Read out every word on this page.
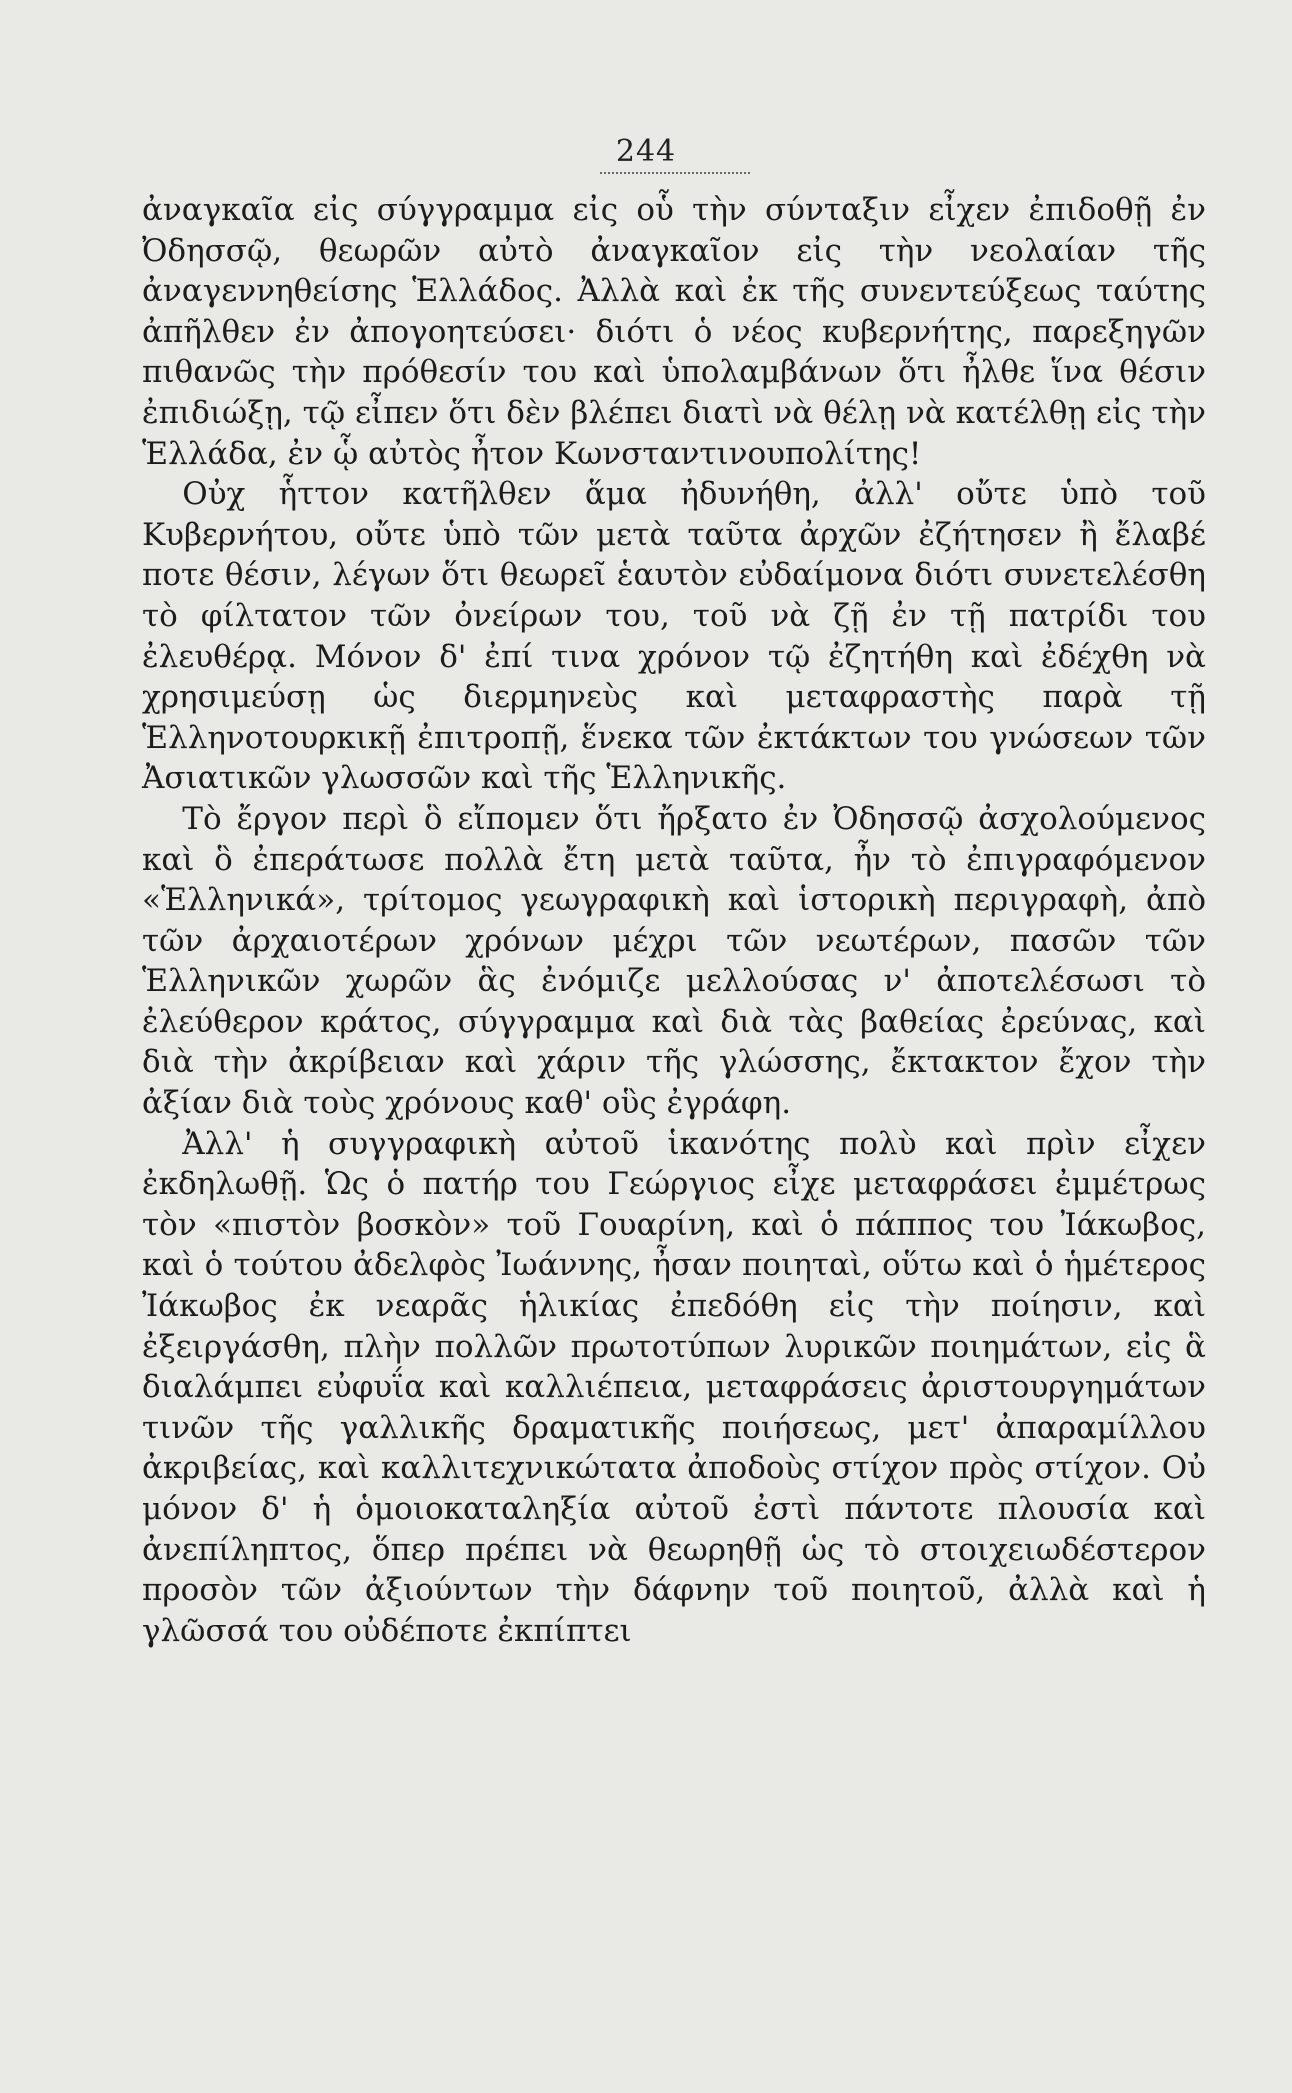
244

ἀναγκαῖα εἰς σύγγραμμα εἰς οὗ τὴν σύνταξιν εἶχεν ἐπιδοθῇ ἐν Ὀδησσῷ, θεωρῶν αὐτὸ ἀναγκαῖον εἰς τὴν νεολαίαν τῆς ἀναγεννηθείσης Ἑλλάδος. Ἀλλὰ καὶ ἐκ τῆς συνεντεύξεως ταύτης ἀπῆλθεν ἐν ἀπογοητεύσει· διότι ὁ νέος κυβερνήτης, παρεξηγῶν πιθανῶς τὴν πρόθεσίν του καὶ ὑπολαμβάνων ὅτι ἦλθε ἵνα θέσιν ἐπιδιώξῃ, τῷ εἶπεν ὅτι δὲν βλέπει διατὶ νὰ θέλῃ νὰ κατέλθῃ εἰς τὴν Ἑλλάδα, ἐν ᾧ αὐτὸς ἦτον Κωνσταντινουπολίτης!

Οὐχ ἧττον κατῆλθεν ἅμα ἠδυνήθη, ἀλλ' οὔτε ὑπὸ τοῦ Κυβερνήτου, οὔτε ὑπὸ τῶν μετὰ ταῦτα ἀρχῶν ἐζήτησεν ἢ ἔλαβέ ποτε θέσιν, λέγων ὅτι θεωρεῖ ἑαυτὸν εὐδαίμονα διότι συνετελέσθη τὸ φίλτατον τῶν ὀνείρων του, τοῦ νὰ ζῇ ἐν τῇ πατρίδι του ἐλευθέρᾳ. Μόνον δ' ἐπί τινα χρόνον τῷ ἐζητήθη καὶ ἐδέχθη νὰ χρησιμεύσῃ ὡς διερμηνεὺς καὶ μεταφραστὴς παρὰ τῇ Ἑλληνοτουρκικῇ ἐπιτροπῇ, ἕνεκα τῶν ἐκτάκτων του γνώσεων τῶν Ἀσιατικῶν γλωσσῶν καὶ τῆς Ἑλληνικῆς.

Τὸ ἔργον περὶ ὃ εἴπομεν ὅτι ἤρξατο ἐν Ὀδησσῷ ἀσχολούμενος καὶ ὃ ἐπεράτωσε πολλὰ ἔτη μετὰ ταῦτα, ἦν τὸ ἐπιγραφόμενον «Ἑλληνικά», τρίτομος γεωγραφικὴ καὶ ἱστορικὴ περιγραφὴ, ἀπὸ τῶν ἀρχαιοτέρων χρόνων μέχρι τῶν νεωτέρων, πασῶν τῶν Ἑλληνικῶν χωρῶν ἃς ἐνόμιζε μελλούσας ν' ἀποτελέσωσι τὸ ἐλεύθερον κράτος, σύγγραμμα καὶ διὰ τὰς βαθείας ἐρεύνας, καὶ διὰ τὴν ἀκρίβειαν καὶ χάριν τῆς γλώσσης, ἔκτακτον ἔχον τὴν ἀξίαν διὰ τοὺς χρόνους καθ' οὓς ἐγράφη.

Ἀλλ' ἡ συγγραφικὴ αὐτοῦ ἱκανότης πολὺ καὶ πρὶν εἶχεν ἐκδηλωθῇ. Ὡς ὁ πατήρ του Γεώργιος εἶχε μεταφράσει ἐμμέτρως τὸν «πιστὸν βοσκὸν» τοῦ Γουαρίνη, καὶ ὁ πάππος του Ἰάκωβος, καὶ ὁ τούτου ἀδελφὸς Ἰωάννης, ἦσαν ποιηταὶ, οὕτω καὶ ὁ ἡμέτερος Ἰάκωβος ἐκ νεαρᾶς ἡλικίας ἐπεδόθη εἰς τὴν ποίησιν, καὶ ἐξειργάσθη, πλὴν πολλῶν πρωτοτύπων λυρικῶν ποιημάτων, εἰς ἃ διαλάμπει εὐφυΐα καὶ καλλιέπεια, μεταφράσεις ἀριστουργημάτων τινῶν τῆς γαλλικῆς δραματικῆς ποιήσεως, μετ' ἀπαραμίλλου ἀκριβείας, καὶ καλλιτεχνικώτατα ἀποδοὺς στίχον πρὸς στίχον. Οὐ μόνον δ' ἡ ὁμοιοκαταληξία αὐτοῦ ἐστὶ πάντοτε πλουσία καὶ ἀνεπίληπτος, ὅπερ πρέπει νὰ θεωρηθῇ ὡς τὸ στοιχειωδέστερον προσὸν τῶν ἀξιούντων τὴν δάφνην τοῦ ποιητοῦ, ἀλλὰ καὶ ἡ γλῶσσά του οὐδέποτε ἐκπίπτει
